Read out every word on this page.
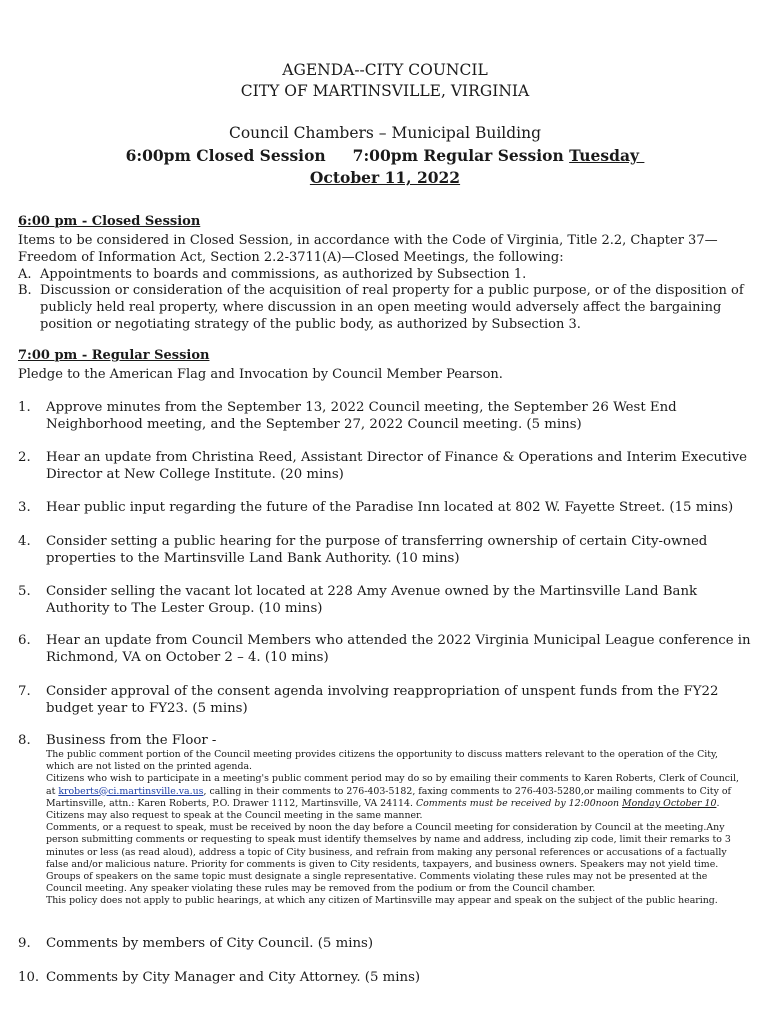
AGENDA--CITY COUNCIL
CITY OF MARTINSVILLE, VIRGINIA
Council Chambers – Municipal Building
6:00pm Closed Session 7:00pm Regular Session Tuesday
October 11, 2022
6:00 pm - Closed Session
Items to be considered in Closed Session, in accordance with the Code of Virginia, Title 2.2, Chapter 37—Freedom of Information Act, Section 2.2-3711(A)—Closed Meetings, the following:
A. Appointments to boards and commissions, as authorized by Subsection 1.
B. Discussion or consideration of the acquisition of real property for a public purpose, or of the disposition of publicly held real property, where discussion in an open meeting would adversely affect the bargaining position or negotiating strategy of the public body, as authorized by Subsection 3.
7:00 pm - Regular Session
Pledge to the American Flag and Invocation by Council Member Pearson.
1. Approve minutes from the September 13, 2022 Council meeting, the September 26 West End Neighborhood meeting, and the September 27, 2022 Council meeting. (5 mins)
2. Hear an update from Christina Reed, Assistant Director of Finance & Operations and Interim Executive Director at New College Institute. (20 mins)
3. Hear public input regarding the future of the Paradise Inn located at 802 W. Fayette Street. (15 mins)
4. Consider setting a public hearing for the purpose of transferring ownership of certain City-owned properties to the Martinsville Land Bank Authority. (10 mins)
5. Consider selling the vacant lot located at 228 Amy Avenue owned by the Martinsville Land Bank Authority to The Lester Group. (10 mins)
6. Hear an update from Council Members who attended the 2022 Virginia Municipal League conference in Richmond, VA on October 2 – 4. (10 mins)
7. Consider approval of the consent agenda involving reappropriation of unspent funds from the FY22 budget year to FY23. (5 mins)
8. Business from the Floor -

The public comment portion of the Council meeting provides citizens the opportunity to discuss matters relevant to the operation of the City, which are not listed on the printed agenda.

Citizens who wish to participate in a meeting's public comment period may do so by emailing their comments to Karen Roberts, Clerk of Council, at kroberts@ci.martinsville.va.us, calling in their comments to 276-403-5182, faxing comments to 276-403-5280,or mailing comments to City of Martinsville, attn.: Karen Roberts, P.O. Drawer 1112, Martinsville, VA 24114. Comments must be received by 12:00noon Monday October 10. Citizens may also request to speak at the Council meeting in the same manner.

Comments, or a request to speak, must be received by noon the day before a Council meeting for consideration by Council at the meeting.Any person submitting comments or requesting to speak must identify themselves by name and address, including zip code, limit their remarks to 3 minutes or less (as read aloud), address a topic of City business, and refrain from making any personal references or accusations of a factually false and/or malicious nature. Priority for comments is given to City residents, taxpayers, and business owners. Speakers may not yield time. Groups of speakers on the same topic must designate a single representative. Comments violating these rules may not be presented at the Council meeting. Any speaker violating these rules may be removed from the podium or from the Council chamber.

This policy does not apply to public hearings, at which any citizen of Martinsville may appear and speak on the subject of the public hearing.

9. Comments by members of City Council. (5 mins)
10. Comments by City Manager and City Attorney. (5 mins)
